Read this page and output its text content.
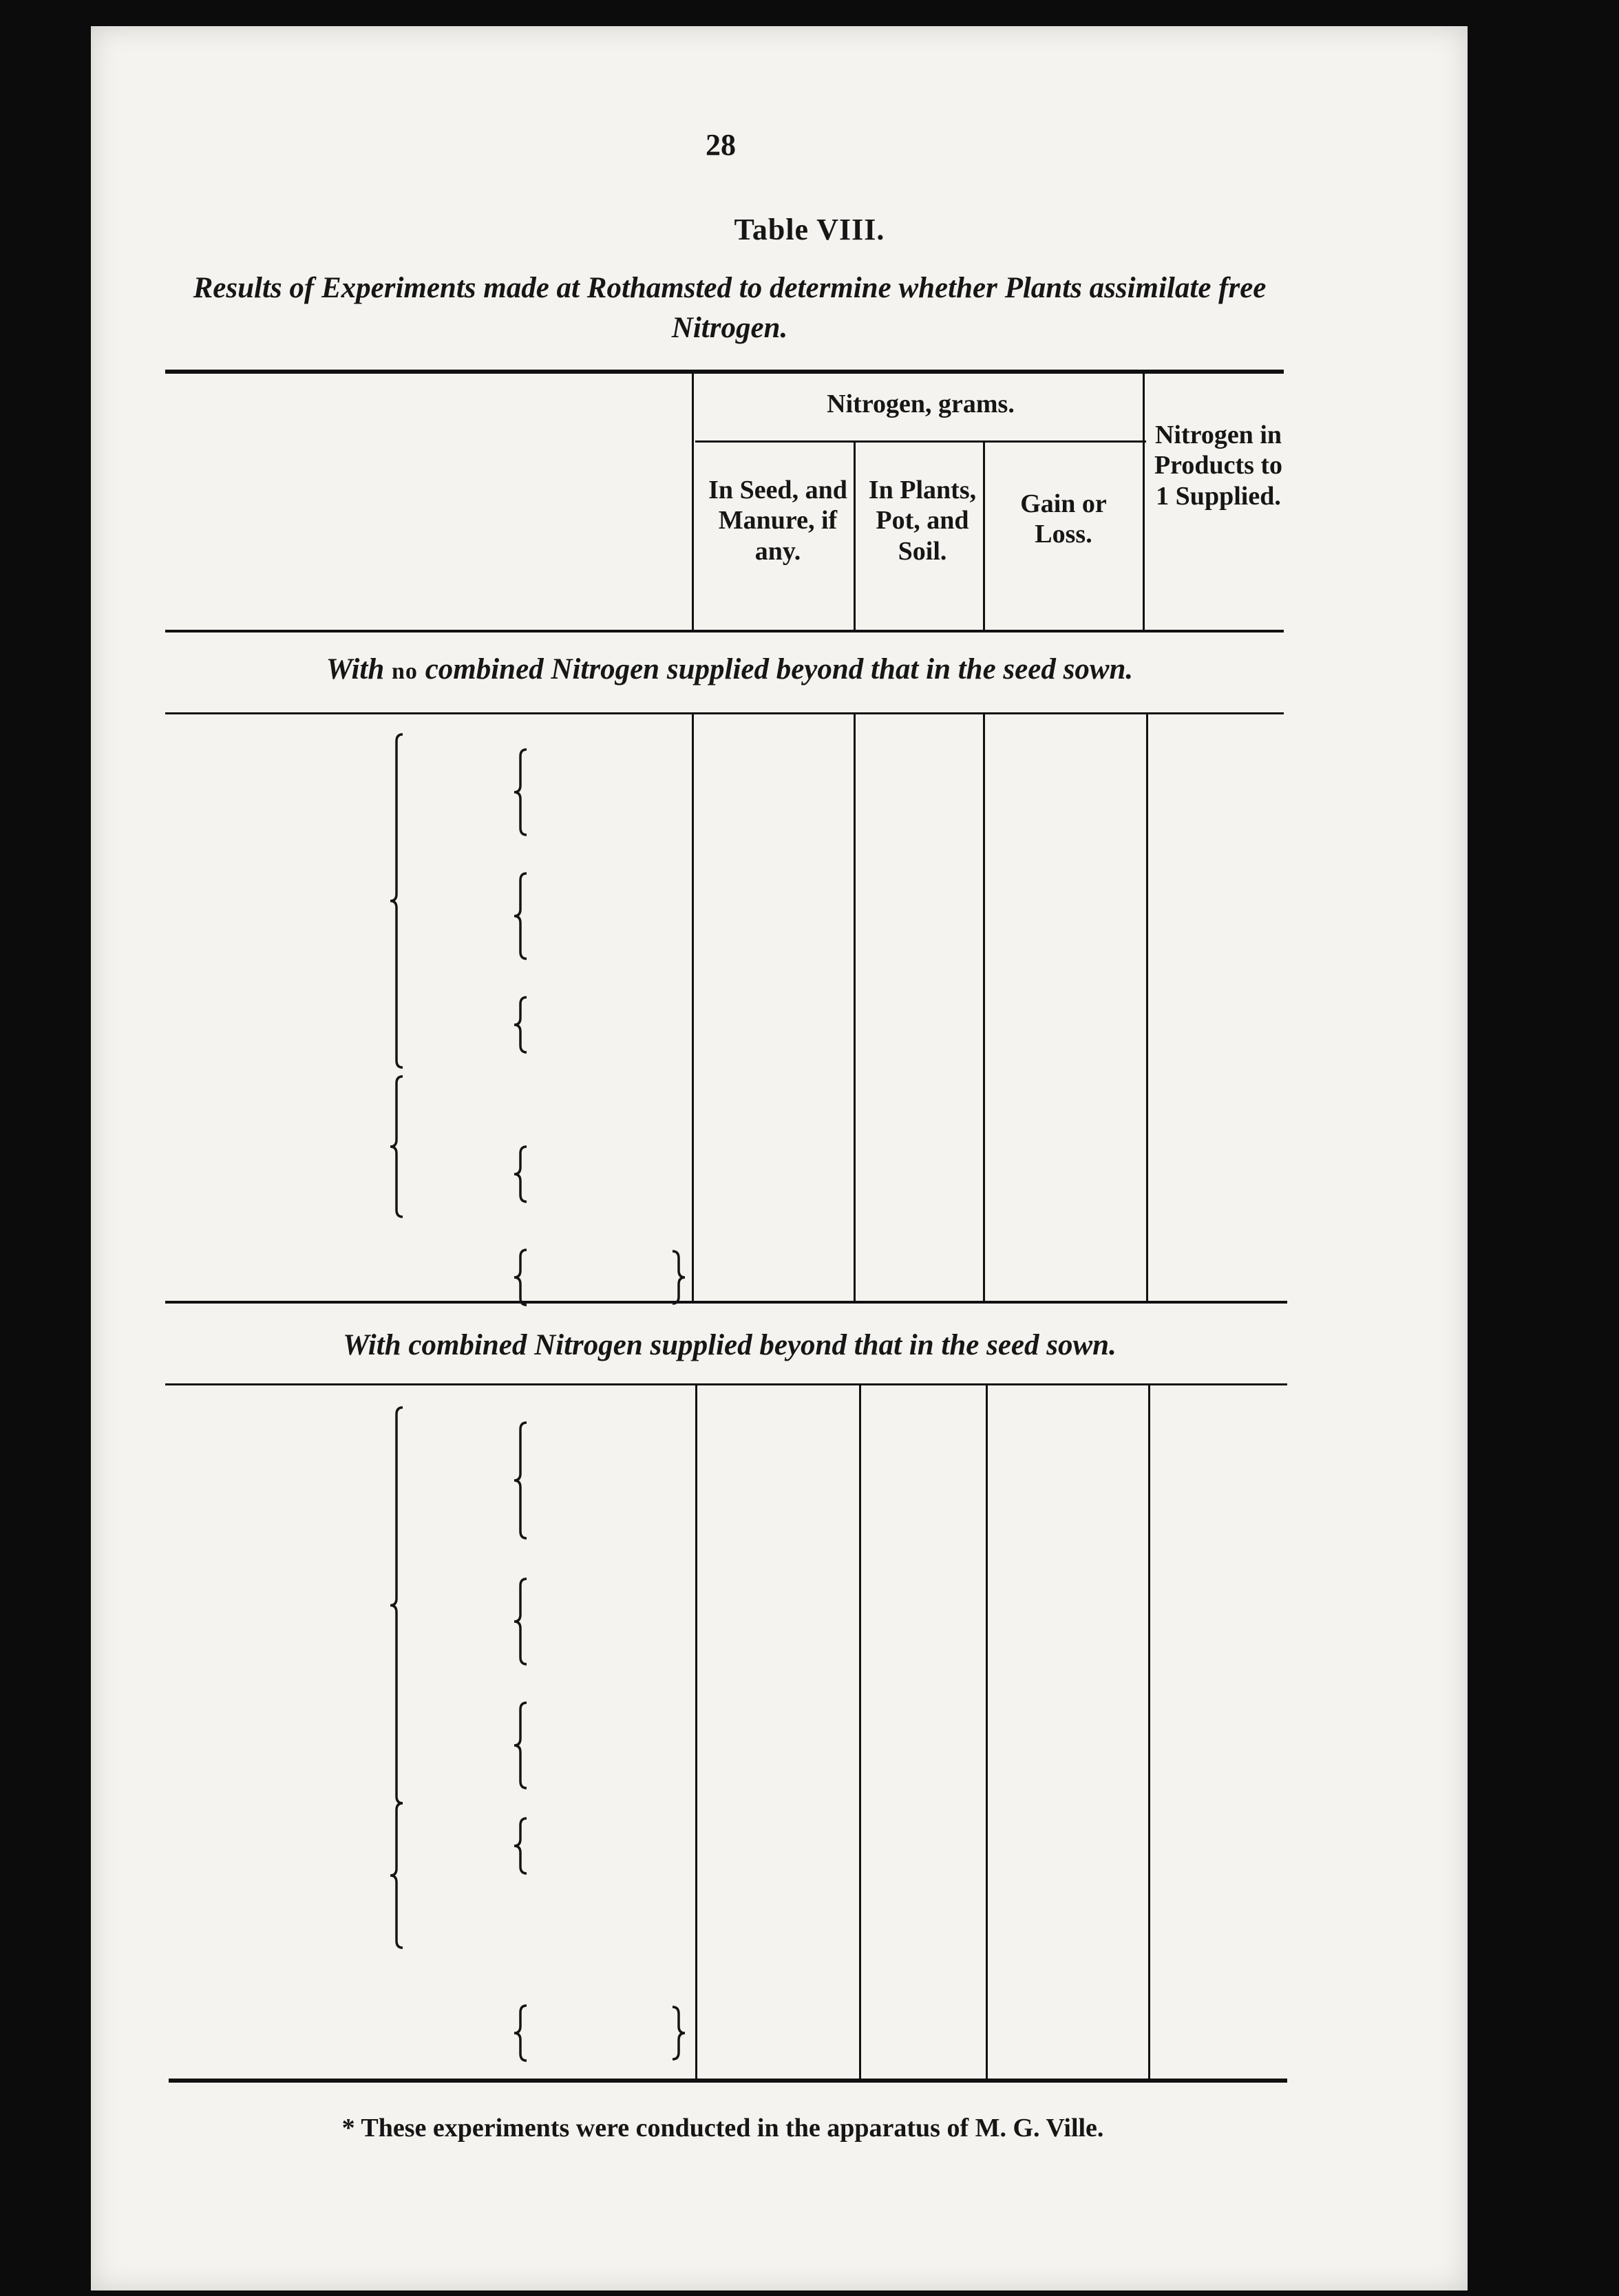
28
Table VIII.
Results of Experiments made at Rothamsted to determine whether Plants assimilate free Nitrogen.
Nitrogen, grams.
In Seed, and Manure, if any.
In Plants, Pot, and Soil.
Gain or Loss.
Nitrogen in Products to 1 Supplied.
With no combined Nitrogen supplied beyond that in the seed sown.
With combined Nitrogen supplied beyond that in the seed sown.
* These experiments were conducted in the apparatus of M. G. Ville.
